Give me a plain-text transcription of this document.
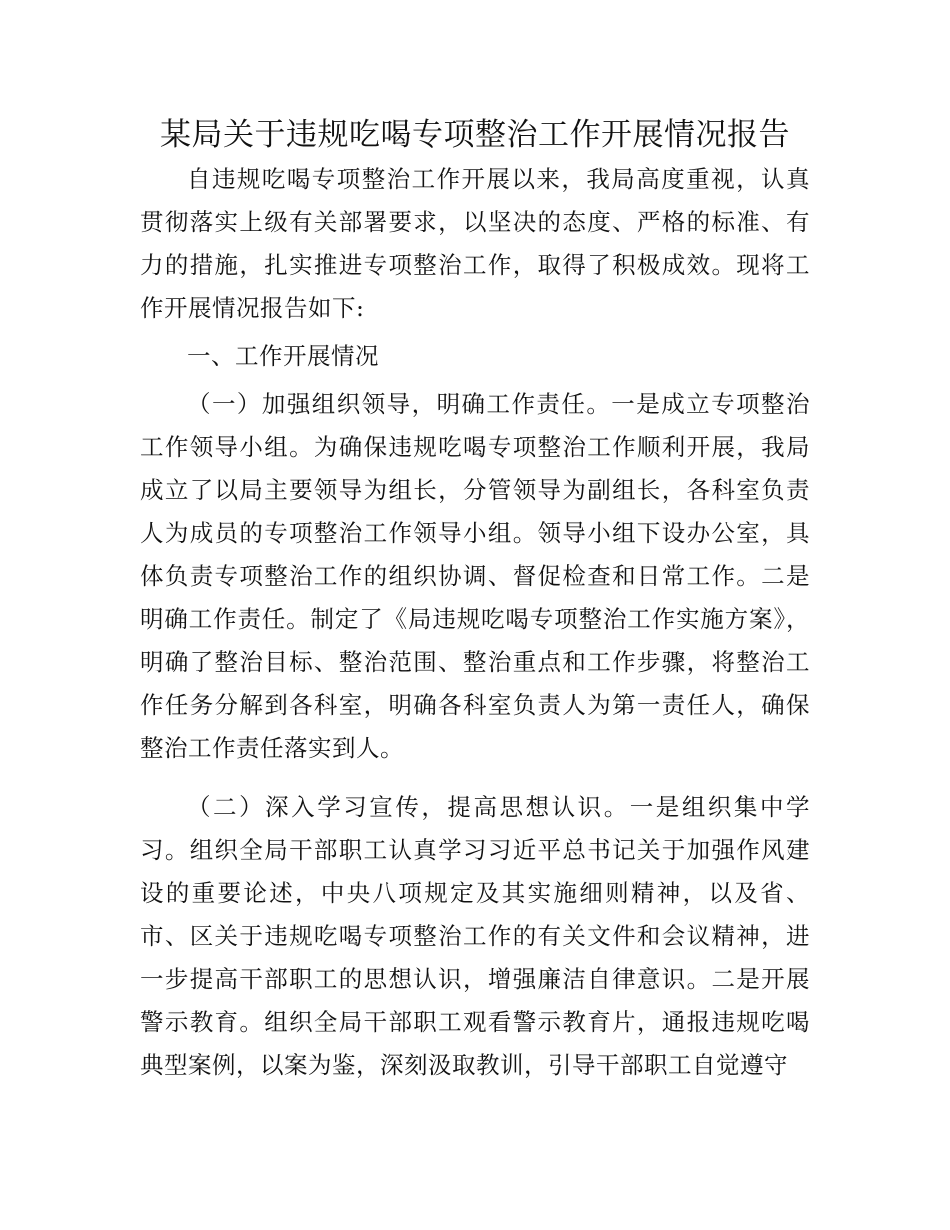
某局关于违规吃喝专项整治工作开展情况报告

自违规吃喝专项整治工作开展以来，我局高度重视，认真贯彻落实上级有关部署要求，以坚决的态度、严格的标准、有力的措施，扎实推进专项整治工作，取得了积极成效。现将工作开展情况报告如下:

一、工作开展情况

（一）加强组织领导，明确工作责任。一是成立专项整治工作领导小组。为确保违规吃喝专项整治工作顺利开展，我局成立了以局主要领导为组长，分管领导为副组长，各科室负责人为成员的专项整治工作领导小组。领导小组下设办公室，具体负责专项整治工作的组织协调、督促检查和日常工作。二是明确工作责任。制定了《局违规吃喝专项整治工作实施方案》，明确了整治目标、整治范围、整治重点和工作步骤，将整治工作任务分解到各科室，明确各科室负责人为第一责任人，确保整治工作责任落实到人。

（二）深入学习宣传，提高思想认识。一是组织集中学习。组织全局干部职工认真学习习近平总书记关于加强作风建设的重要论述，中央八项规定及其实施细则精神，以及省、市、区关于违规吃喝专项整治工作的有关文件和会议精神，进一步提高干部职工的思想认识，增强廉洁自律意识。二是开展警示教育。组织全局干部职工观看警示教育片，通报违规吃喝典型案例，以案为鉴，深刻汲取教训，引导干部职工自觉遵守
